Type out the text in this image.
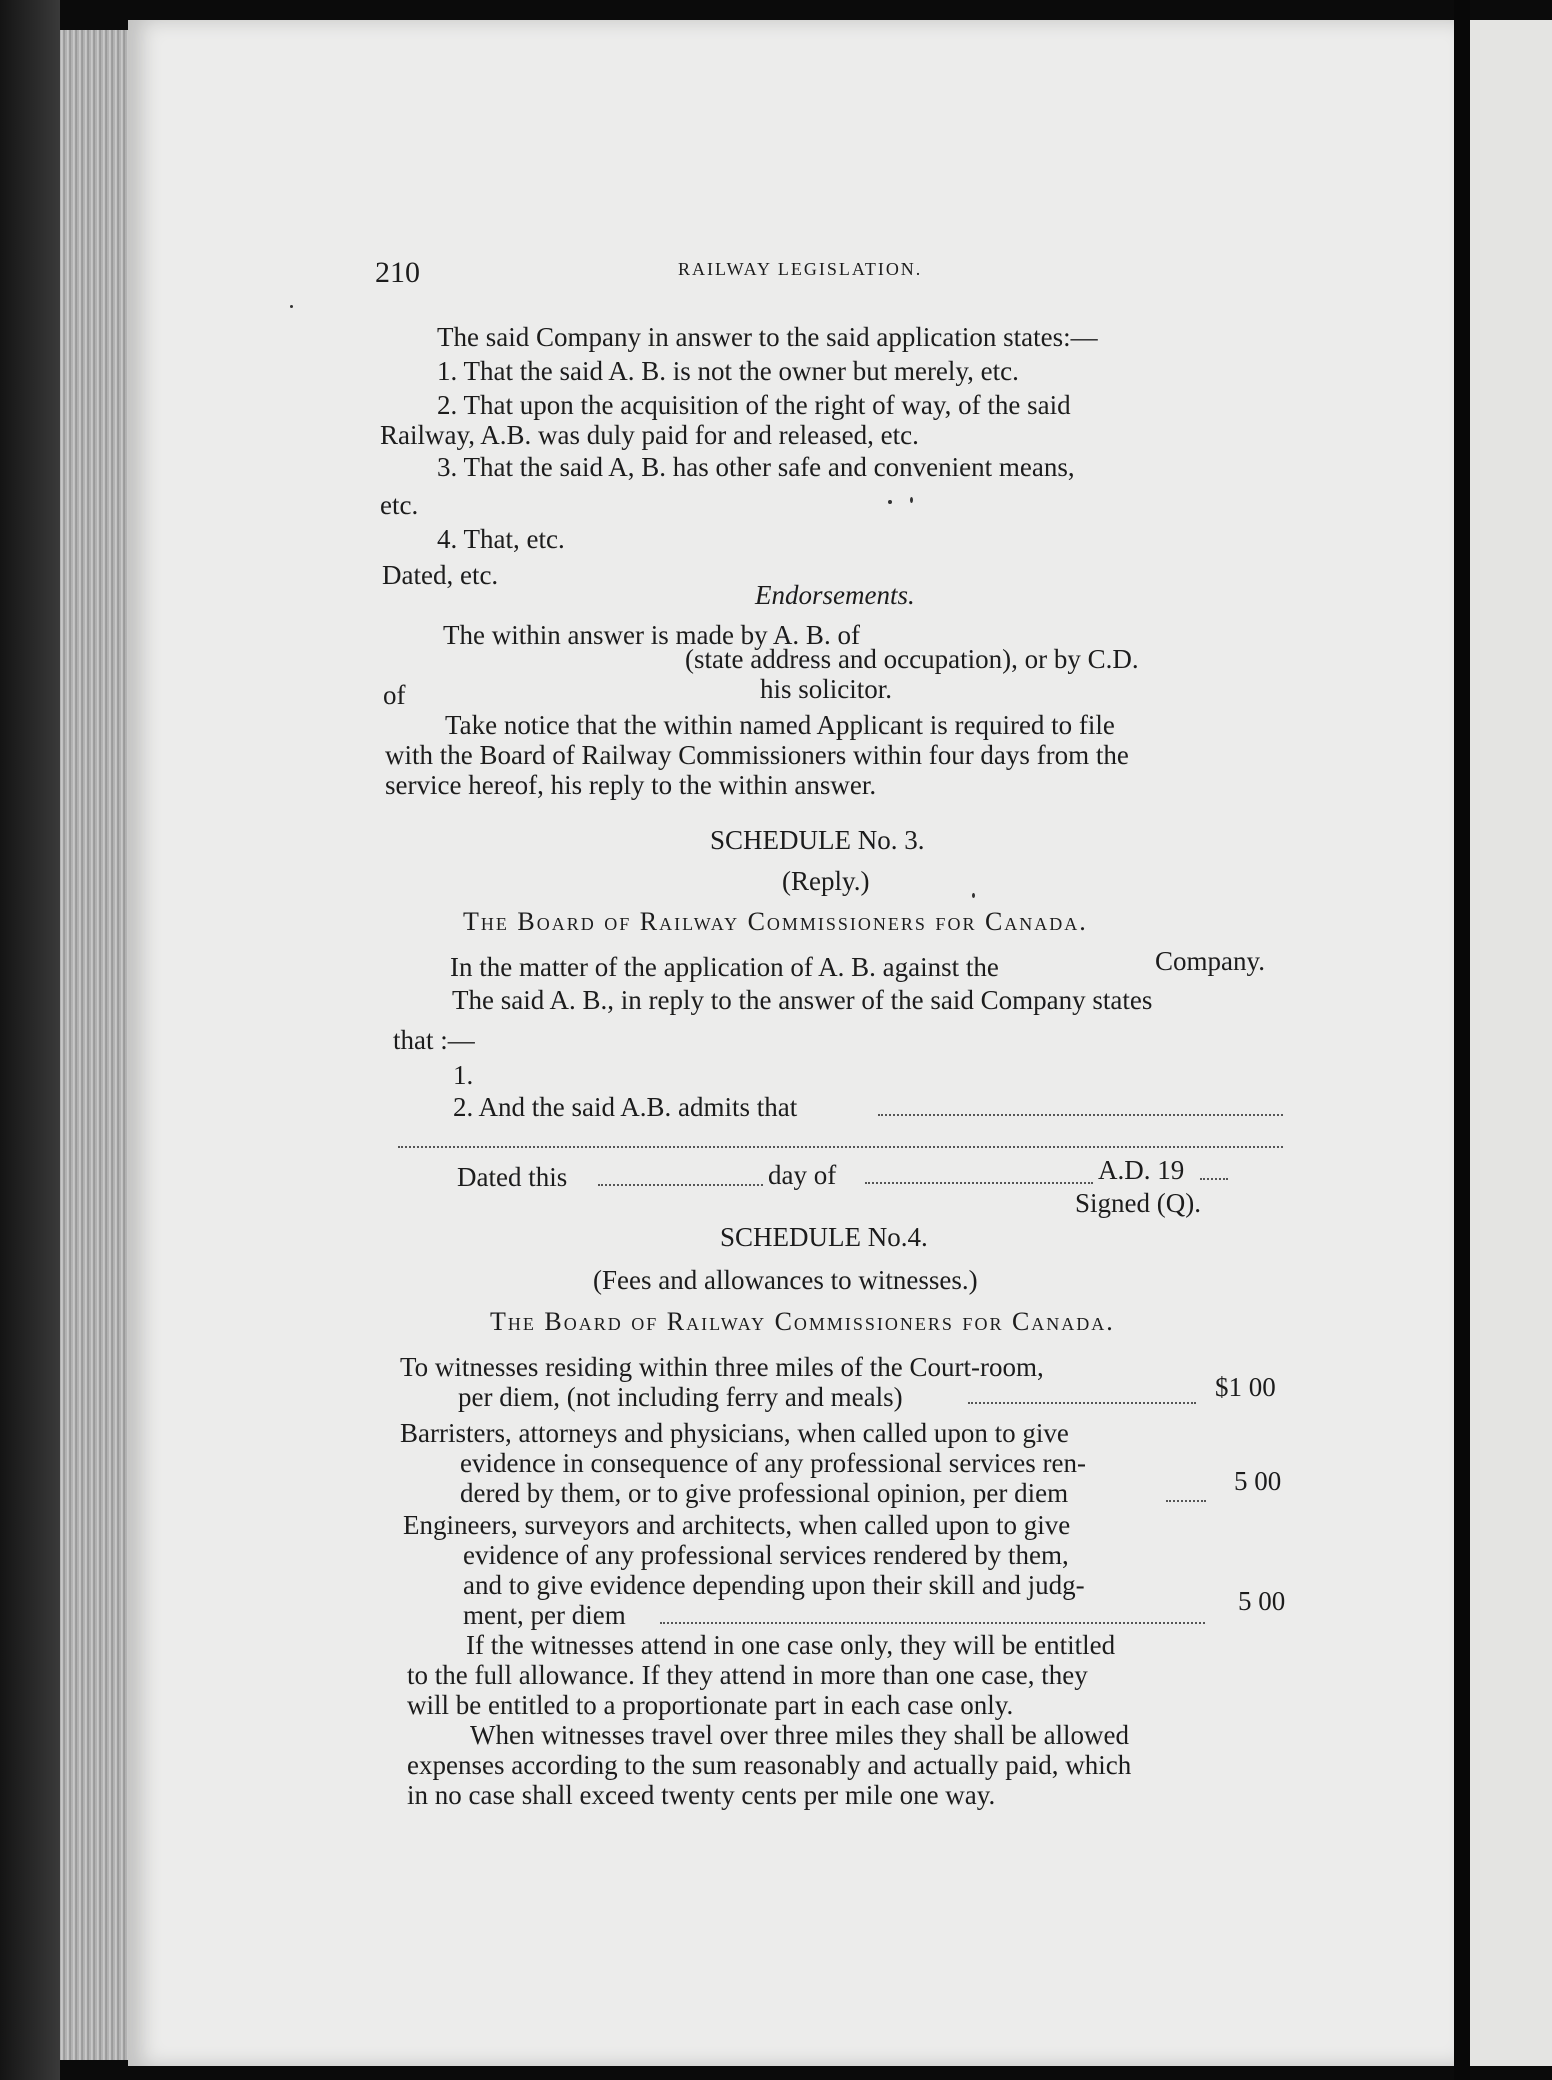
210	RAILWAY LEGISLATION.
The said Company in answer to the said application states:—
1. That the said A. B. is not the owner but merely, etc.
2. That upon the acquisition of the right of way, of the said
Railway, A.B. was duly paid for and released, etc.
3. That the said A, B. has other safe and convenient means,
etc.
4. That, etc.
Dated, etc.
Endorsements.
The within answer is made by A. B. of
(state address and occupation), or by C.D.
of	his solicitor.
Take notice that the within named Applicant is required to file
with the Board of Railway Commissioners within four days from the
service hereof, his reply to the within answer.
SCHEDULE No. 3.
(Reply.)
The Board of Railway Commissioners for Canada.
In the matter of the application of A. B. against the	Company.
The said A. B., in reply to the answer of the said Company states
that :—
1.
2. And the said A.B. admits that
Dated this	day of	A.D. 19
Signed (Q).
SCHEDULE No.4.
(Fees and allowances to witnesses.)
The Board of Railway Commissioners for Canada.
To witnesses residing within three miles of the Court-room,
per diem, (not including ferry and meals)	$1 00
Barristers, attorneys and physicians, when called upon to give
evidence in consequence of any professional services ren-
dered by them, or to give professional opinion, per diem	5 00
Engineers, surveyors and architects, when called upon to give
evidence of any professional services rendered by them,
and to give evidence depending upon their skill and judg-
ment, per diem	5 00
If the witnesses attend in one case only, they will be entitled
to the full allowance. If they attend in more than one case, they
will be entitled to a proportionate part in each case only.
When witnesses travel over three miles they shall be allowed
expenses according to the sum reasonably and actually paid, which
in no case shall exceed twenty cents per mile one way.
